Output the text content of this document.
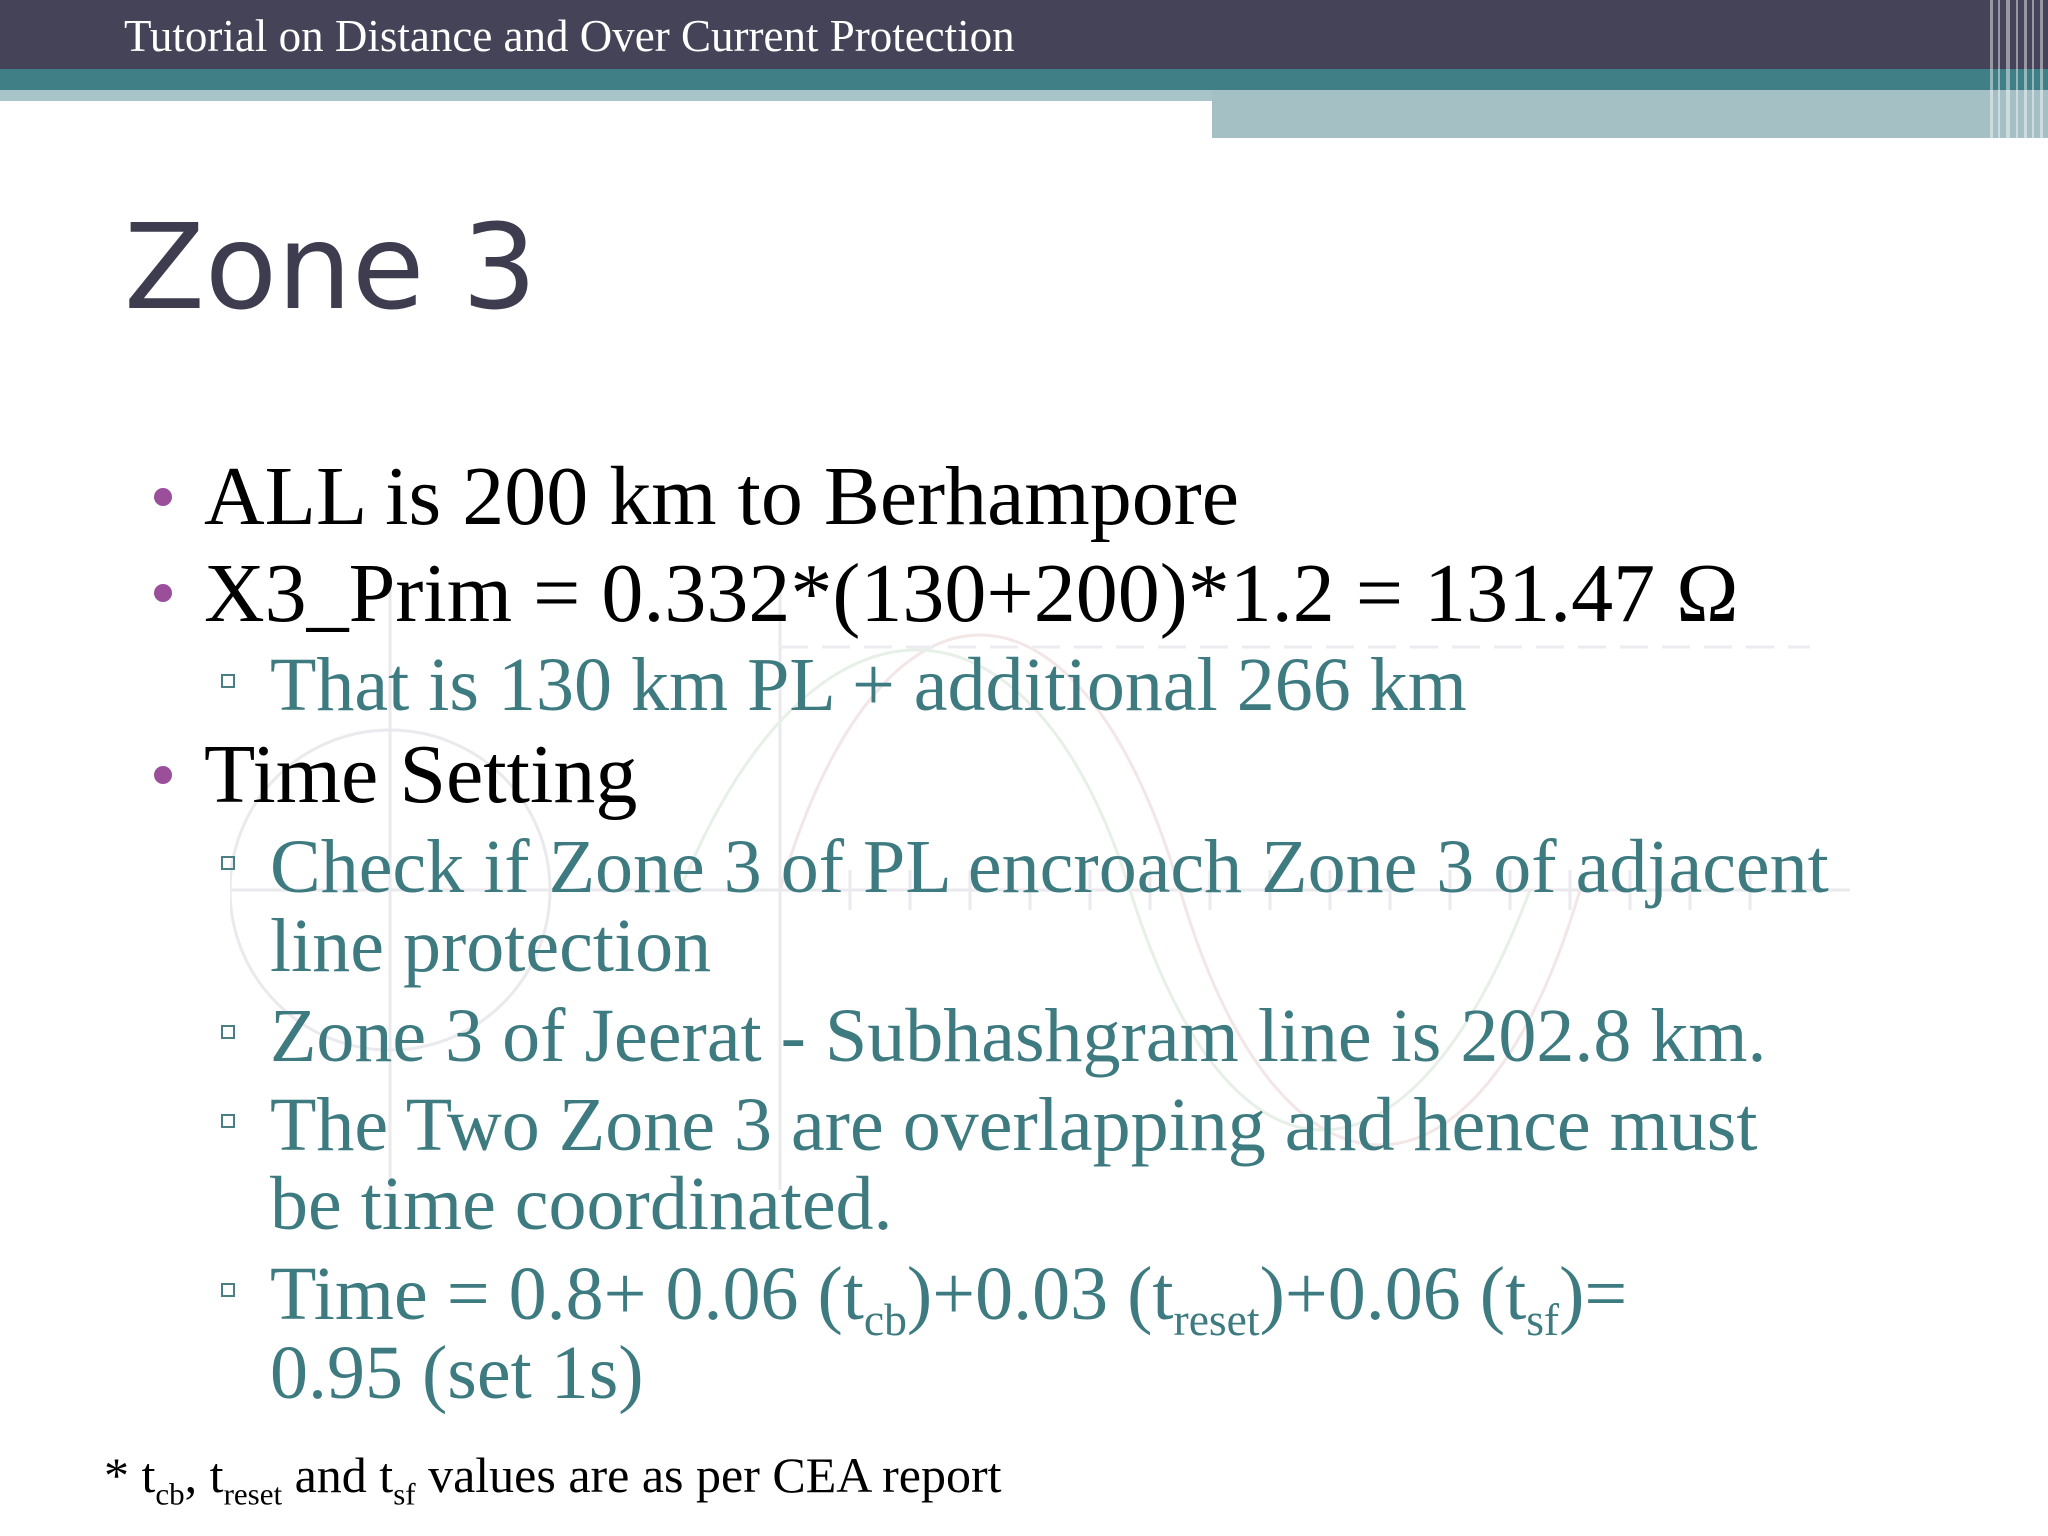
Tutorial on Distance and Over Current Protection
Zone 3
ALL is 200 km to Berhampore
X3_Prim = 0.332*(130+200)*1.2 = 131.47 Ω
That is 130 km PL + additional 266 km
Time Setting
Check if Zone 3 of PL encroach Zone 3 of adjacent
line protection
Zone 3 of Jeerat - Subhashgram line is 202.8 km.
The Two Zone 3 are overlapping and hence must
be time coordinated.
Time = 0.8+ 0.06 $(t_{cb})+0.03$ $(t_{reset})+0.06$ $(t_{sf})=$
0.95 (set 1s)
* $t_{cb}$, $t_{reset}$ and $t_{sf}$ values are as per CEA report
